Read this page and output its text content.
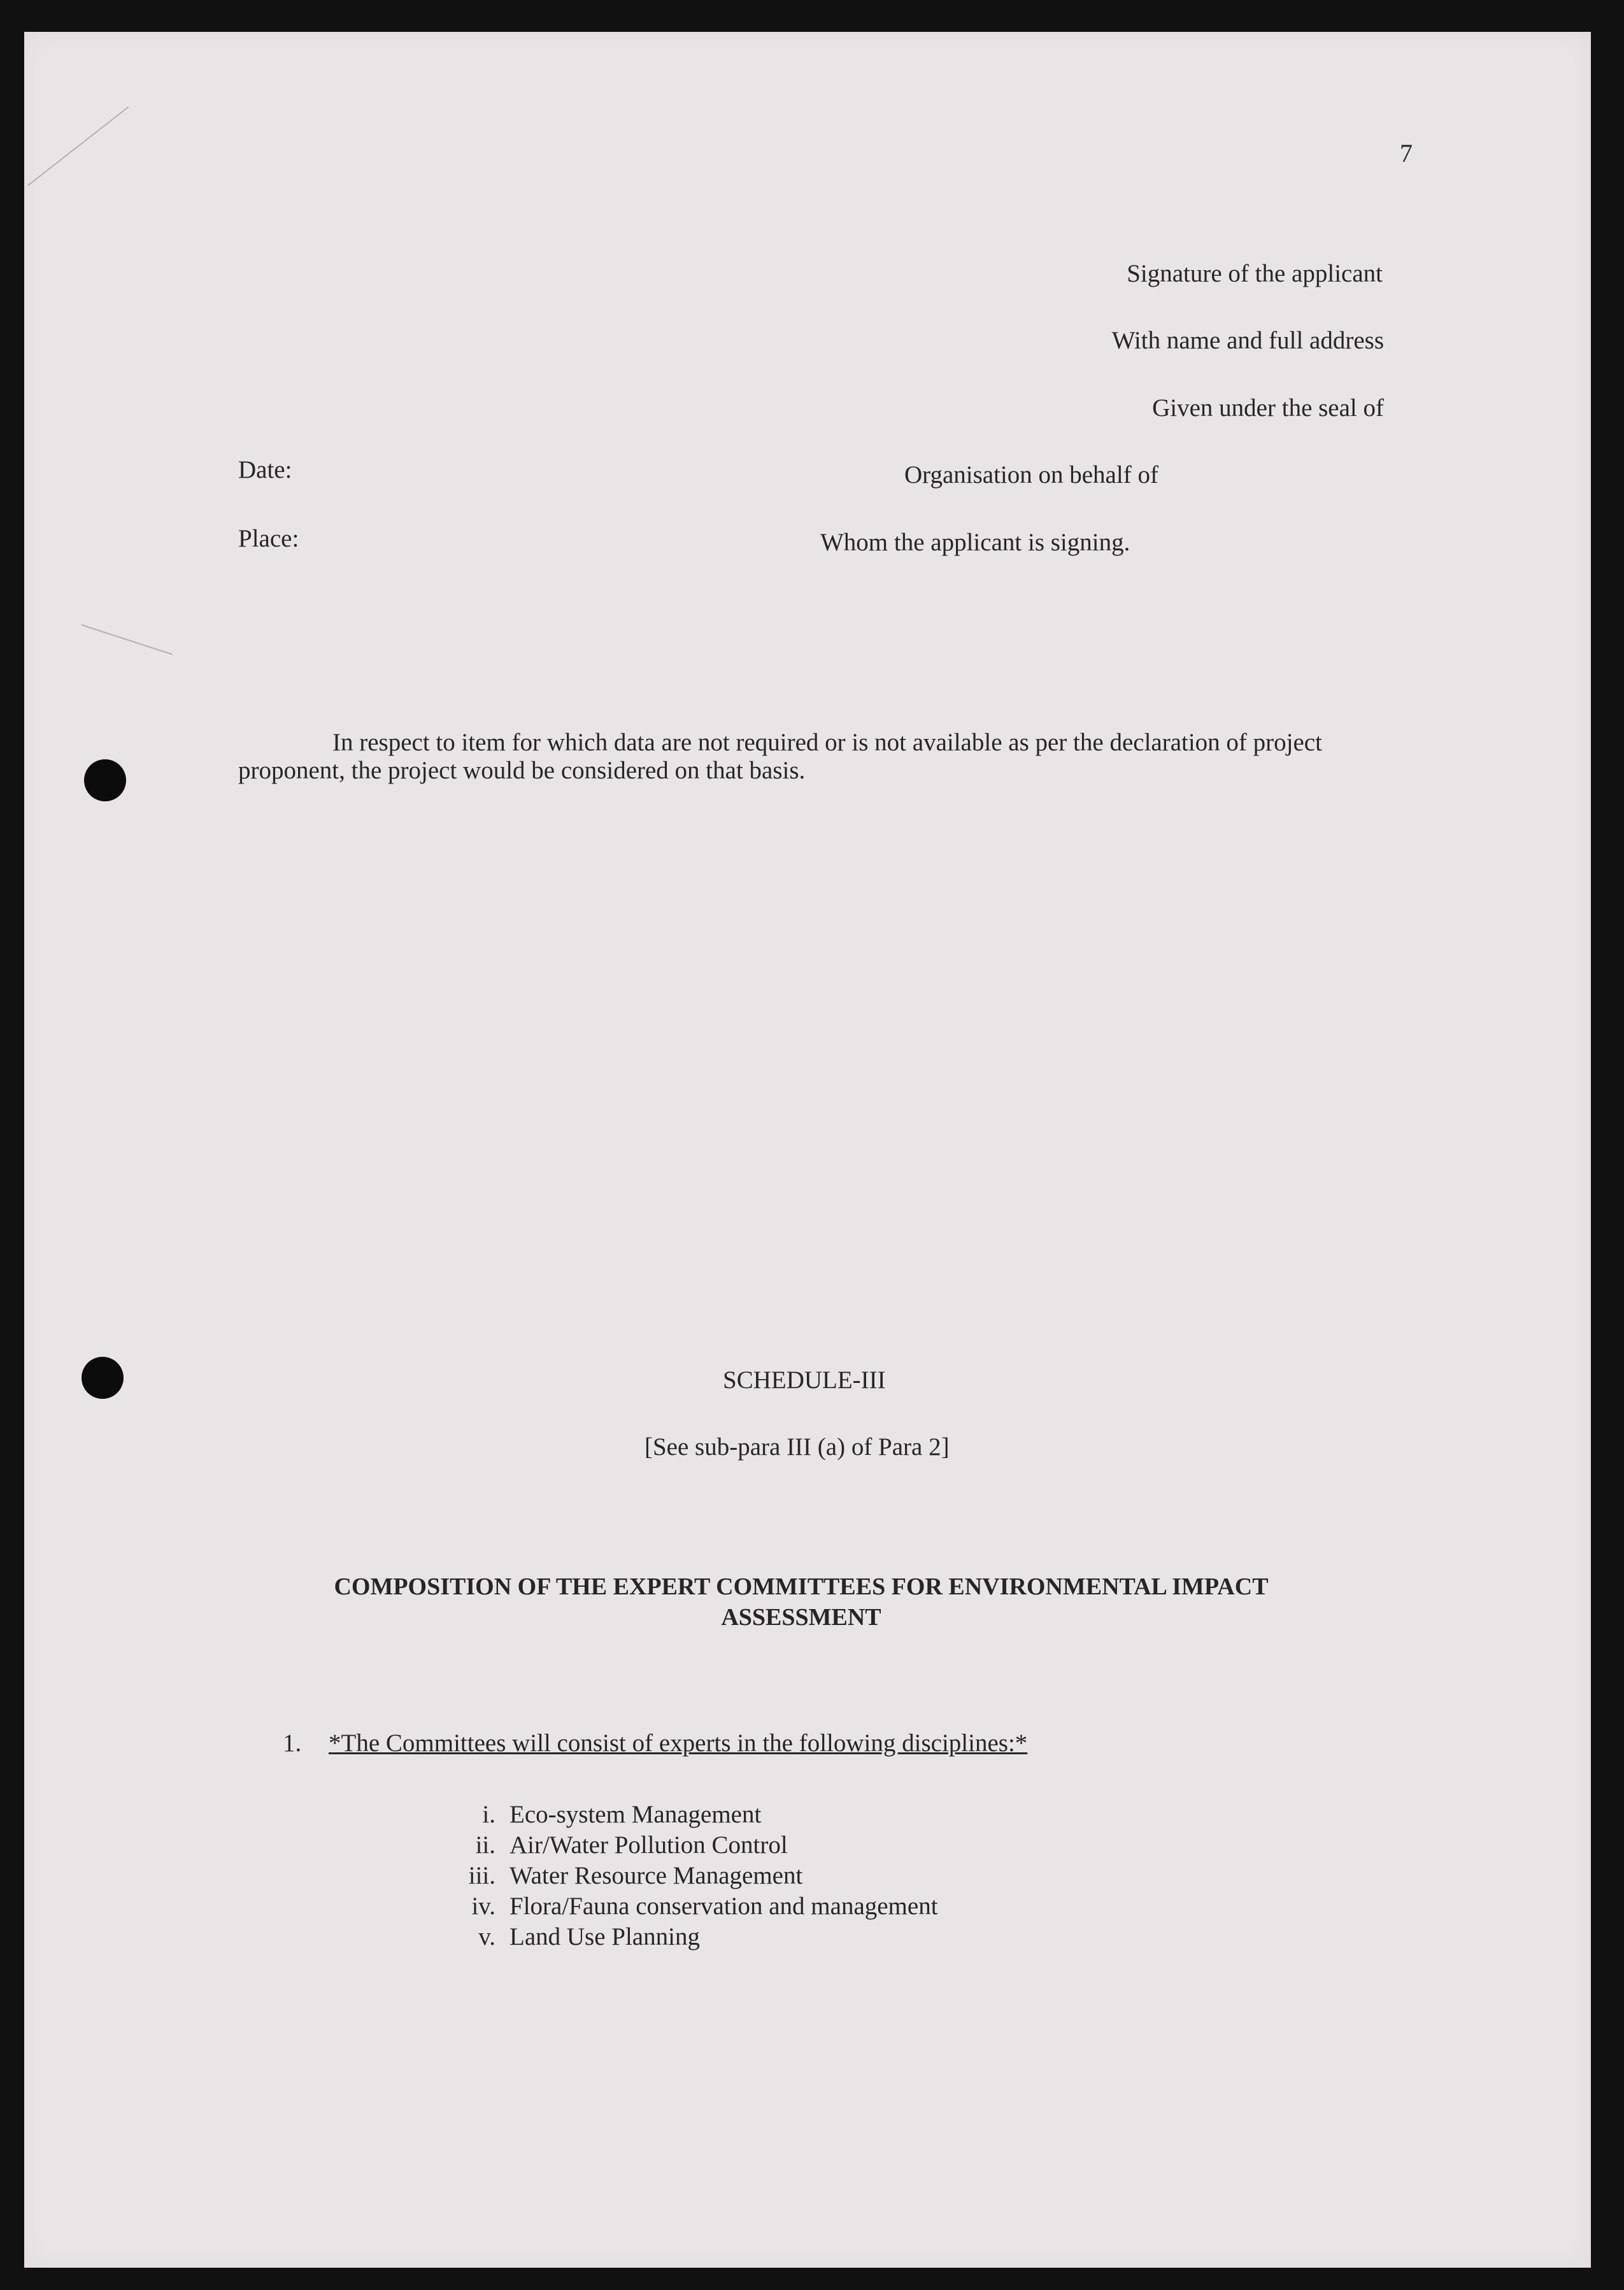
7
Signature of the applicant
With name and full address
Given under the seal of
Organisation on behalf of
Whom the applicant is signing.
Date:
Place:
In respect to item for which data are not required or is not available as per the declaration of project proponent, the project would be considered on that basis.
SCHEDULE-III
[See sub-para III (a) of Para 2]
COMPOSITION OF THE EXPERT COMMITTEES FOR ENVIRONMENTAL IMPACT
ASSESSMENT
1. *The Committees will consist of experts in the following disciplines:*
i. Eco-system Management
ii. Air/Water Pollution Control
iii. Water Resource Management
iv. Flora/Fauna conservation and management
v. Land Use Planning
